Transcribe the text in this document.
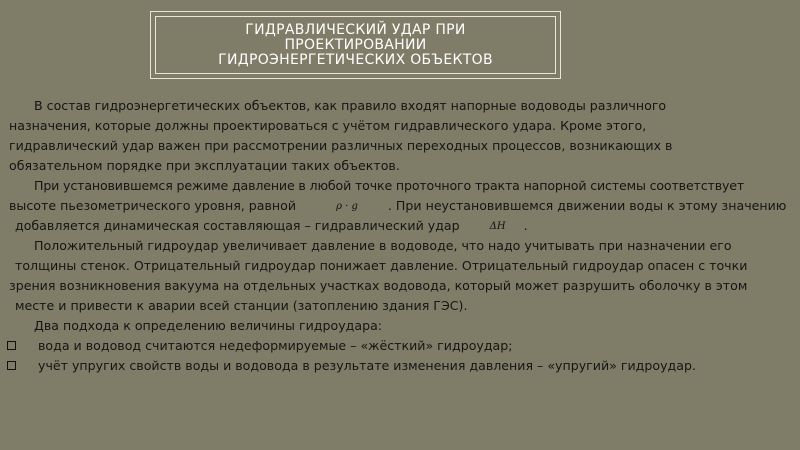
ГИДРАВЛИЧЕСКИЙ УДАР ПРИ
ПРОЕКТИРОВАНИИ
ГИДРОЭНЕРГЕТИЧЕСКИХ ОБЪЕКТОВ
В состав гидроэнергетических объектов, как правило входят напорные водоводы различного
назначения, которые должны проектироваться с учётом гидравлического удара. Кроме этого,
гидравлический удар важен при рассмотрении различных переходных процессов, возникающих в
обязательном порядке при эксплуатации таких объектов.
При установившемся режиме давление в любой точке проточного тракта напорной системы соответствует
высоте пьезометрического уровня, равной	ρ · g . При неустановившемся движении воды к этому значению
добавляется динамическая составляющая – гидравлический удар	ΔH .
Положительный гидроудар увеличивает давление в водоводе, что надо учитывать при назначении его
толщины стенок. Отрицательный гидроудар понижает давление. Отрицательный гидроудар опасен с точки
зрения возникновения вакуума на отдельных участках водовода, который может разрушить оболочку в этом
месте и привести к аварии всей станции (затоплению здания ГЭС).
Два подхода к определению величины гидроудара:
вода и водовод считаются недеформируемые – «жёсткий» гидроудар;
учёт упругих свойств воды и водовода в результате изменения давления – «упругий» гидроудар.
